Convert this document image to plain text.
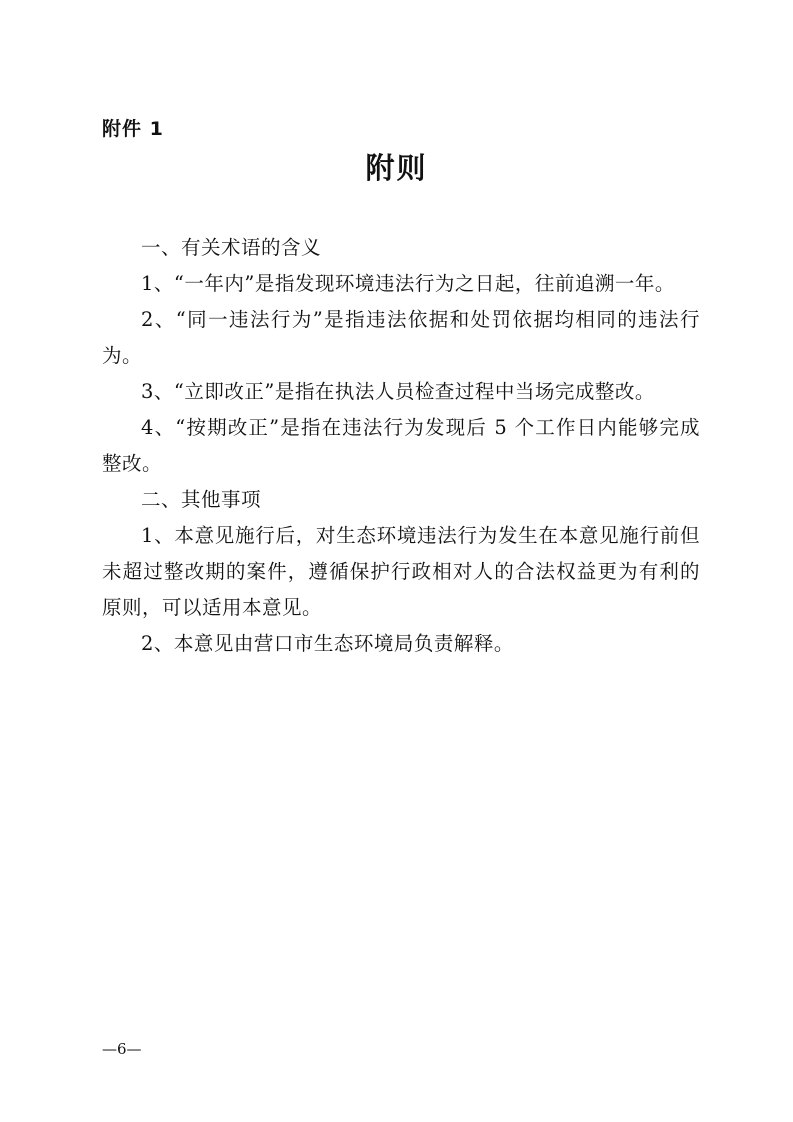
附件 1
附则

一、有关术语的含义

1、“一年内”是指发现环境违法行为之日起，往前追溯一年。

2、“同一违法行为”是指违法依据和处罚依据均相同的违法行为。

3、“立即改正”是指在执法人员检查过程中当场完成整改。

4、“按期改正”是指在违法行为发现后 5 个工作日内能够完成整改。

二、其他事项

1、本意见施行后，对生态环境违法行为发生在本意见施行前但未超过整改期的案件，遵循保护行政相对人的合法权益更为有利的原则，可以适用本意见。

2、本意见由营口市生态环境局负责解释。

—6—
